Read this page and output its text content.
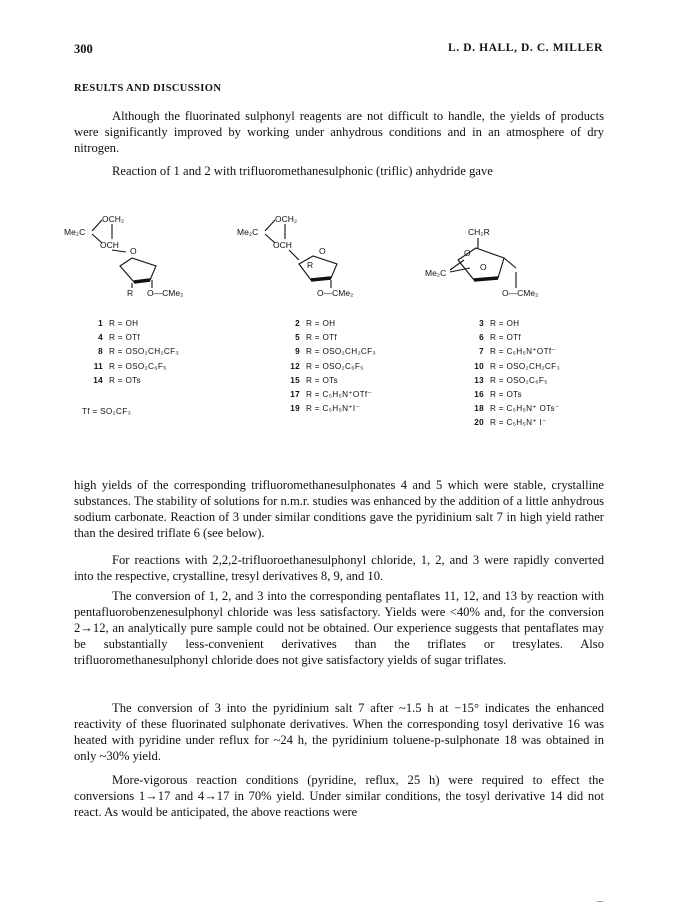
300	L. D. HALL, D. C. MILLER
RESULTS AND DISCUSSION

Although the fluorinated sulphonyl reagents are not difficult to handle, the yields of products were significantly improved by working under anhydrous conditions and in an atmosphere of dry nitrogen.

Reaction of 1 and 2 with trifluoromethanesulphonic (triflic) anhydride gave

Me₂C
OCH₂
OCH
O
R O—CMe₂
Me₂C
OCH₂
OCH
O
R
O—CMe₂
CH₂R
Me₂C
O
O
O—CMe₂
1 R = OH
4 R = OTf
8 R = OSO₂CH₂CF₃
11 R = OSO₂C₆F₅
14 R = OTs
2 R = OH
5 R = OTf
9 R = OSO₂CH₂CF₃
12 R = OSO₂C₆F₅
15 R = OTs
17 R = C₅H₅N⁺OTf⁻
19 R = C₅H₅N⁺I⁻
3 R = OH
6 R = OTf
7 R = C₅H₅N⁺OTf⁻
10 R = OSO₂CH₂CF₃
13 R = OSO₂C₆F₅
16 R = OTs
18 R = C₅H₅N⁺ OTs⁻
20 R = C₅H₅N⁺ I⁻
Tf = SO₂CF₃

high yields of the corresponding trifluoromethanesulphonates 4 and 5 which were stable, crystalline substances. The stability of solutions for n.m.r. studies was enhanced by the addition of a little anhydrous sodium carbonate. Reaction of 3 under similar conditions gave the pyridinium salt 7 in high yield rather than the desired triflate 6 (see below).

For reactions with 2,2,2-trifluoroethanesulphonyl chloride, 1, 2, and 3 were rapidly converted into the respective, crystalline, tresyl derivatives 8, 9, and 10.

The conversion of 1, 2, and 3 into the corresponding pentaflates 11, 12, and 13 by reaction with pentafluorobenzenesulphonyl chloride was less satisfactory. Yields were <40% and, for the conversion 2→12, an analytically pure sample could not be obtained. Our experience suggests that pentaflates may be substantially less-convenient derivatives than the triflates or tresylates. Also trifluoromethanesulphonyl chloride does not give satisfactory yields of sugar triflates.

The conversion of 3 into the pyridinium salt 7 after ~1.5 h at −15° indicates the enhanced reactivity of these fluorinated sulphonate derivatives. When the corresponding tosyl derivative 16 was heated with pyridine under reflux for ~24 h, the pyridinium toluene-p-sulphonate 18 was obtained in only ~30% yield.

More-vigorous reaction conditions (pyridine, reflux, 25 h) were required to effect the conversions 1→17 and 4→17 in 70% yield. Under similar conditions, the tosyl derivative 14 did not react. As would be anticipated, the above reactions were
